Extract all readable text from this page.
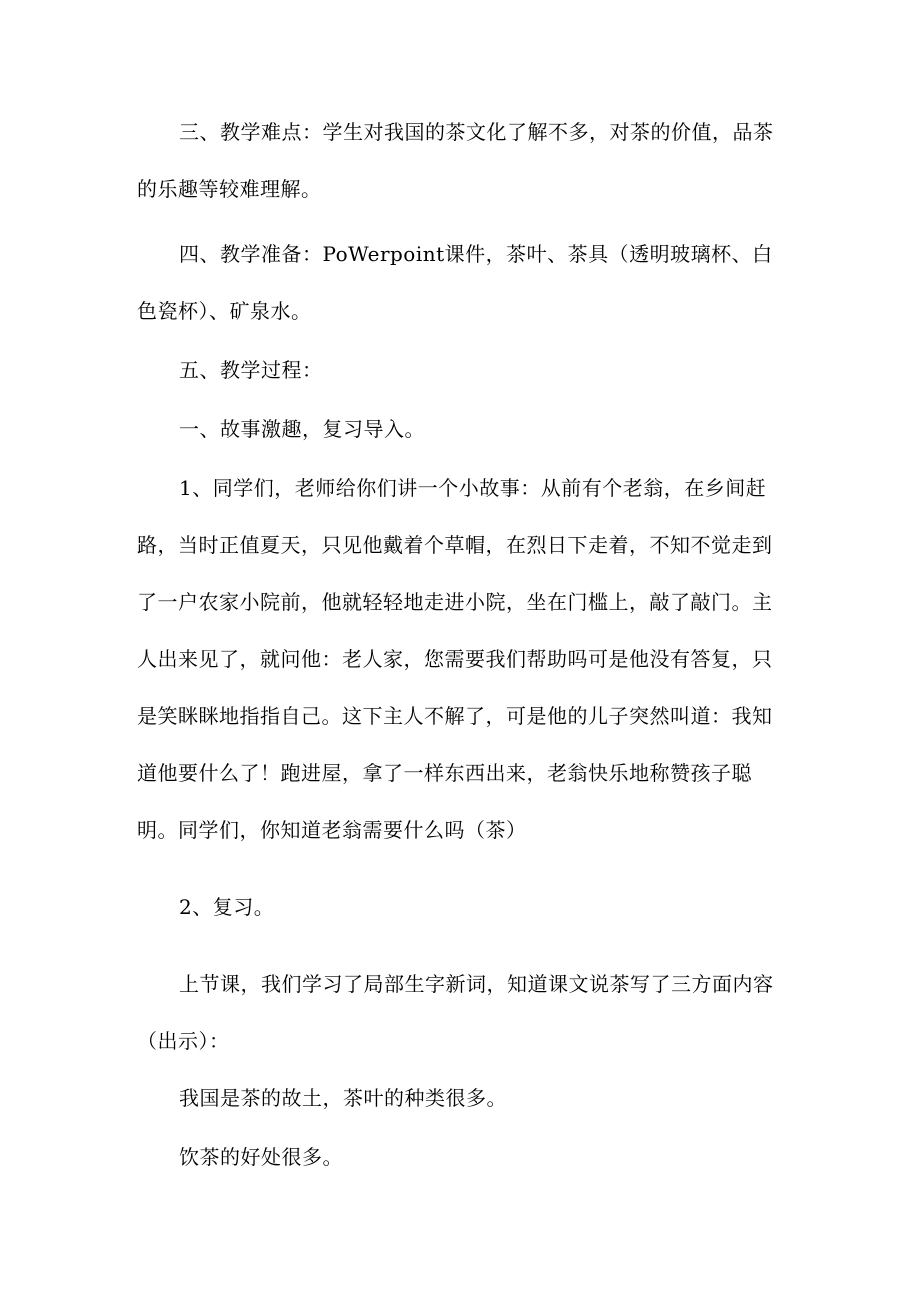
三、教学难点：学生对我国的茶文化了解不多，对茶的价值，品茶的乐趣等较难理解。

四、教学准备：PoWerpoint课件，茶叶、茶具（透明玻璃杯、白色瓷杯）、矿泉水。

五、教学过程：

一、故事激趣，复习导入。

1、同学们，老师给你们讲一个小故事：从前有个老翁，在乡间赶路，当时正值夏天，只见他戴着个草帽，在烈日下走着，不知不觉走到了一户农家小院前，他就轻轻地走进小院，坐在门槛上，敲了敲门。主人出来见了，就问他：老人家，您需要我们帮助吗可是他没有答复，只是笑眯眯地指指自己。这下主人不解了，可是他的儿子突然叫道：我知道他要什么了！跑进屋，拿了一样东西出来，老翁快乐地称赞孩子聪明。同学们，你知道老翁需要什么吗（茶）

2、复习。

上节课，我们学习了局部生字新词，知道课文说茶写了三方面内容（出示）：

我国是茶的故土，茶叶的种类很多。

饮茶的好处很多。
